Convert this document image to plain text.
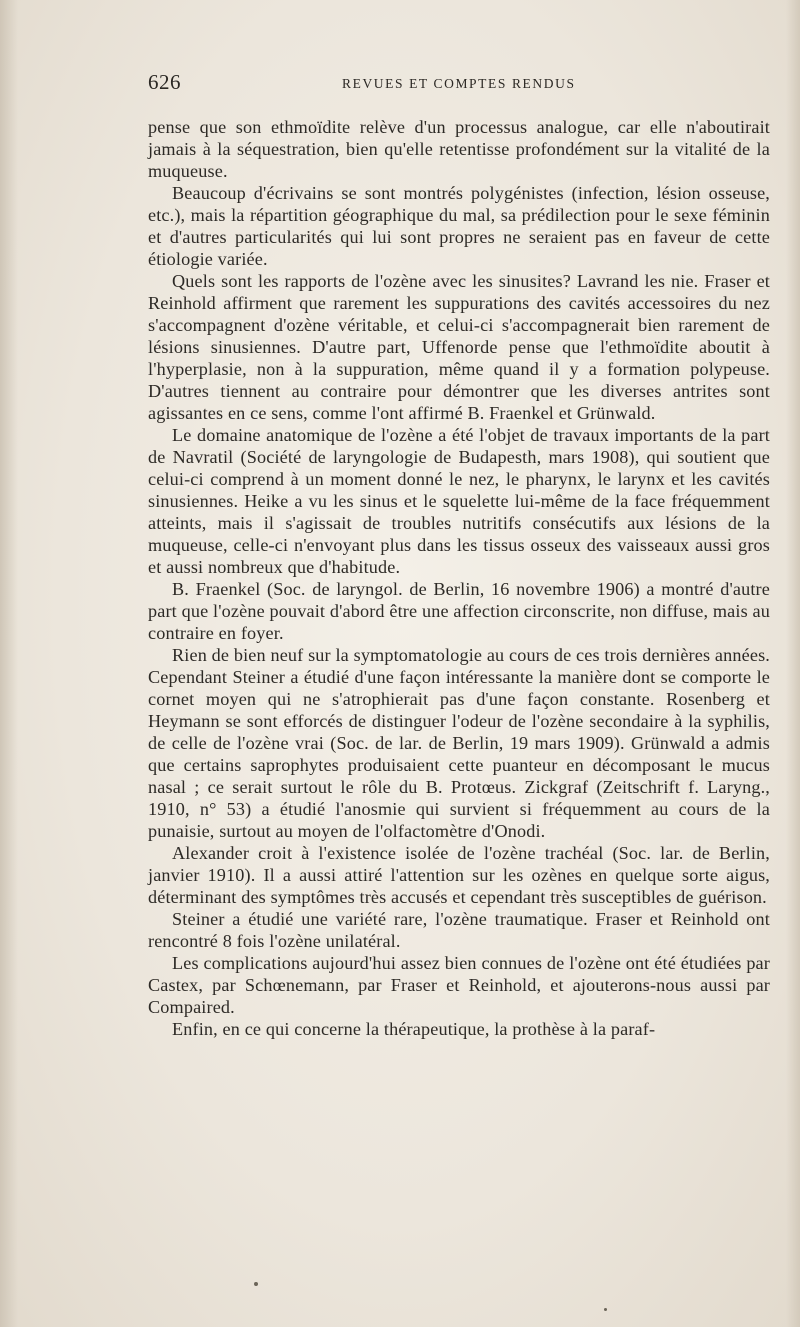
626	REVUES ET COMPTES RENDUS

pense que son ethmoïdite relève d'un processus analogue, car elle n'aboutirait jamais à la séquestration, bien qu'elle retentisse profondément sur la vitalité de la muqueuse.

Beaucoup d'écrivains se sont montrés polygénistes (infection, lésion osseuse, etc.), mais la répartition géographique du mal, sa prédilection pour le sexe féminin et d'autres particularités qui lui sont propres ne seraient pas en faveur de cette étiologie variée.

Quels sont les rapports de l'ozène avec les sinusites? Lavrand les nie. Fraser et Reinhold affirment que rarement les suppurations des cavités accessoires du nez s'accompagnent d'ozène véritable, et celui-ci s'accompagnerait bien rarement de lésions sinusiennes. D'autre part, Uffenorde pense que l'ethmoïdite aboutit à l'hyperplasie, non à la suppuration, même quand il y a formation polypeuse. D'autres tiennent au contraire pour démontrer que les diverses antrites sont agissantes en ce sens, comme l'ont affirmé B. Fraenkel et Grünwald.

Le domaine anatomique de l'ozène a été l'objet de travaux importants de la part de Navratil (Société de laryngologie de Budapesth, mars 1908), qui soutient que celui-ci comprend à un moment donné le nez, le pharynx, le larynx et les cavités sinusiennes. Heike a vu les sinus et le squelette lui-même de la face fréquemment atteints, mais il s'agissait de troubles nutritifs consécutifs aux lésions de la muqueuse, celle-ci n'envoyant plus dans les tissus osseux des vaisseaux aussi gros et aussi nombreux que d'habitude.

B. Fraenkel (Soc. de laryngol. de Berlin, 16 novembre 1906) a montré d'autre part que l'ozène pouvait d'abord être une affection circonscrite, non diffuse, mais au contraire en foyer.

Rien de bien neuf sur la symptomatologie au cours de ces trois dernières années. Cependant Steiner a étudié d'une façon intéressante la manière dont se comporte le cornet moyen qui ne s'atrophierait pas d'une façon constante. Rosenberg et Heymann se sont efforcés de distinguer l'odeur de l'ozène secondaire à la syphilis, de celle de l'ozène vrai (Soc. de lar. de Berlin, 19 mars 1909). Grünwald a admis que certains saprophytes produisaient cette puanteur en décomposant le mucus nasal ; ce serait surtout le rôle du B. Protœus. Zickgraf (Zeitschrift f. Laryng., 1910, n° 53) a étudié l'anosmie qui survient si fréquemment au cours de la punaisie, surtout au moyen de l'olfactomètre d'Onodi.

Alexander croit à l'existence isolée de l'ozène trachéal (Soc. lar. de Berlin, janvier 1910). Il a aussi attiré l'attention sur les ozènes en quelque sorte aigus, déterminant des symptômes très accusés et cependant très susceptibles de guérison.

Steiner a étudié une variété rare, l'ozène traumatique. Fraser et Reinhold ont rencontré 8 fois l'ozène unilatéral.

Les complications aujourd'hui assez bien connues de l'ozène ont été étudiées par Castex, par Schœnemann, par Fraser et Reinhold, et ajouterons-nous aussi par Compaired.

Enfin, en ce qui concerne la thérapeutique, la prothèse à la paraf-
